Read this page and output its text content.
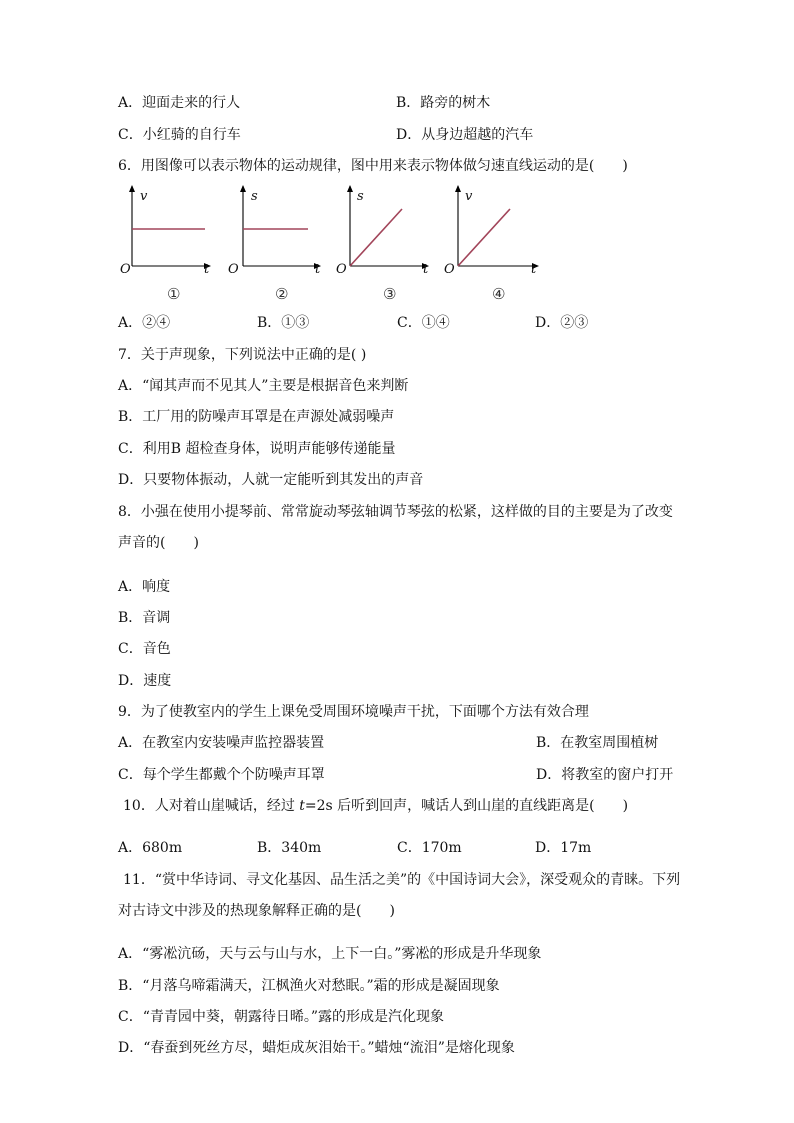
A．迎面走来的行人	B．路旁的树木
C．小红骑的自行车	D．从身边超越的汽车
6．用图像可以表示物体的运动规律，图中用来表示物体做匀速直线运动的是(　　)
v
t
O
①
s
t
O
②
s
t
O
③
v
t
O
④
A．②④	B．①③	C．①④	D．②③
7．关于声现象，下列说法中正确的是( )
A．“闻其声而不见其人”主要是根据音色来判断
B．工厂用的防噪声耳罩是在声源处减弱噪声
C．利用B 超检查身体，说明声能够传递能量
D．只要物体振动，人就一定能听到其发出的声音
8．小强在使用小提琴前、常常旋动琴弦轴调节琴弦的松紧，这样做的目的主要是为了改变
声音的(　　)
A．响度
B．音调
C．音色
D．速度
9．为了使教室内的学生上课免受周围环境噪声干扰，下面哪个方法有效合理
A．在教室内安装噪声监控器装置	B．在教室周围植树
C．每个学生都戴个个防噪声耳罩	D．将教室的窗户打开
10．人对着山崖喊话，经过 t=2s 后听到回声，喊话人到山崖的直线距离是(　　)
A．680m	B．340m	C．170m	D．17m
11．“赏中华诗词、寻文化基因、品生活之美”的《中国诗词大会》，深受观众的青睐。下列
对古诗文中涉及的热现象解释正确的是(　　)
A．“雾凇沆砀，天与云与山与水，上下一白。”雾凇的形成是升华现象
B．“月落乌啼霜满天，江枫渔火对愁眠。”霜的形成是凝固现象
C．“青青园中葵，朝露待日晞。”露的形成是汽化现象
D．“春蚕到死丝方尽，蜡炬成灰泪始干。”蜡烛“流泪”是熔化现象
